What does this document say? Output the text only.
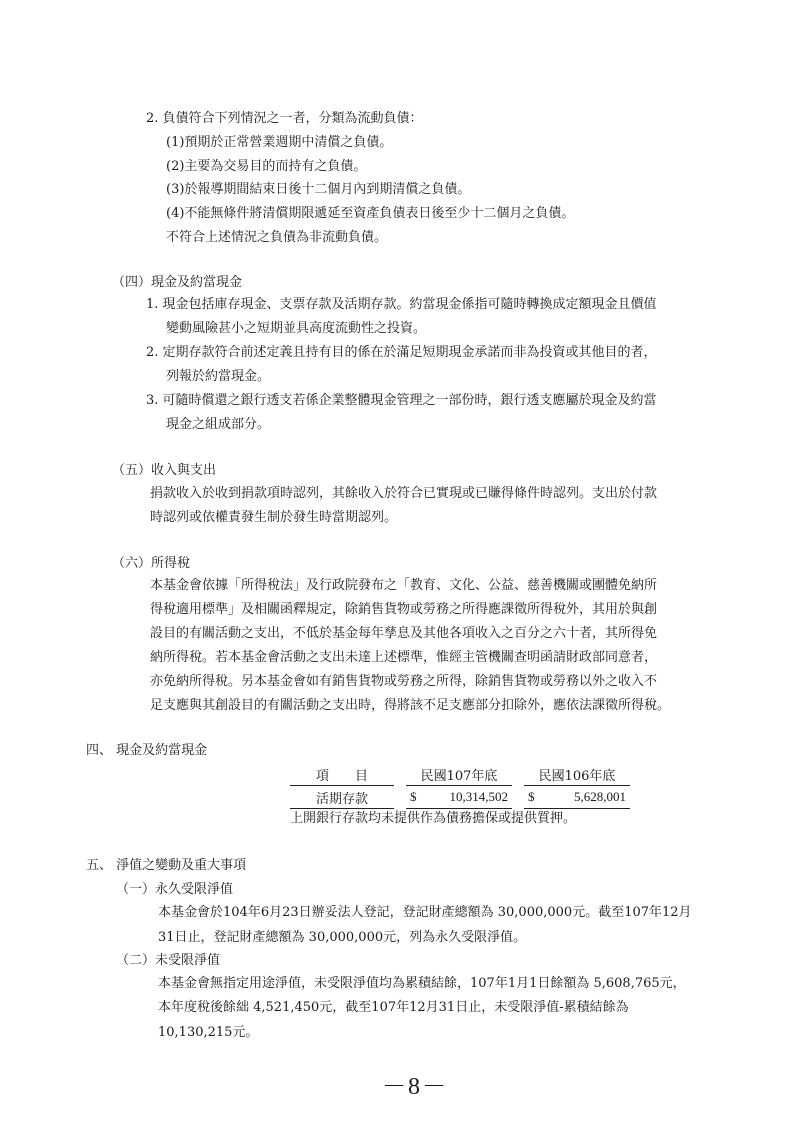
2. 負債符合下列情況之一者，分類為流動負債：
(1)預期於正常營業週期中清償之負債。
(2)主要為交易目的而持有之負債。
(3)於報導期間結束日後十二個月內到期清償之負債。
(4)不能無條件將清償期限遞延至資產負債表日後至少十二個月之負債。
不符合上述情況之負債為非流動負債。
（四）現金及約當現金
1. 現金包括庫存現金、支票存款及活期存款。約當現金係指可隨時轉換成定額現金且價值
變動風險甚小之短期並具高度流動性之投資。
2. 定期存款符合前述定義且持有目的係在於滿足短期現金承諾而非為投資或其他目的者，
列報於約當現金。
3. 可隨時償還之銀行透支若係企業整體現金管理之一部份時，銀行透支應屬於現金及約當
現金之組成部分。
（五）收入與支出
捐款收入於收到捐款項時認列，其餘收入於符合已實現或已賺得條件時認列。支出於付款
時認列或依權責發生制於發生時當期認列。
（六）所得稅
本基金會依據「所得稅法」及行政院發布之「教育、文化、公益、慈善機關或團體免納所
得稅適用標準」及相關函釋規定，除銷售貨物或勞務之所得應課徵所得稅外，其用於與創
設目的有關活動之支出，不低於基金每年孳息及其他各項收入之百分之六十者，其所得免
納所得稅。若本基金會活動之支出未達上述標準，惟經主管機關查明函請財政部同意者，
亦免納所得稅。另本基金會如有銷售貨物或勞務之所得，除銷售貨物或勞務以外之收入不
足支應與其創設目的有關活動之支出時，得將該不足支應部分扣除外，應依法課徵所得稅。
四、 現金及約當現金
項　　目		民國107年底		民國106年底
活期存款		$ 10,314,502		$ 5,628,001
上開銀行存款均未提供作為債務擔保或提供質押。
五、 淨值之變動及重大事項
（一）永久受限淨值
本基金會於104年6月23日辦妥法人登記，登記財產總額為 30,000,000元。截至107年12月
31日止，登記財產總額為 30,000,000元，列為永久受限淨值。
（二）未受限淨值
本基金會無指定用途淨值，未受限淨值均為累積結餘，107年1月1日餘額為 5,608,765元，
本年度稅後餘絀 4,521,450元，截至107年12月31日止，未受限淨值-累積結餘為
10,130,215元。
－8－
